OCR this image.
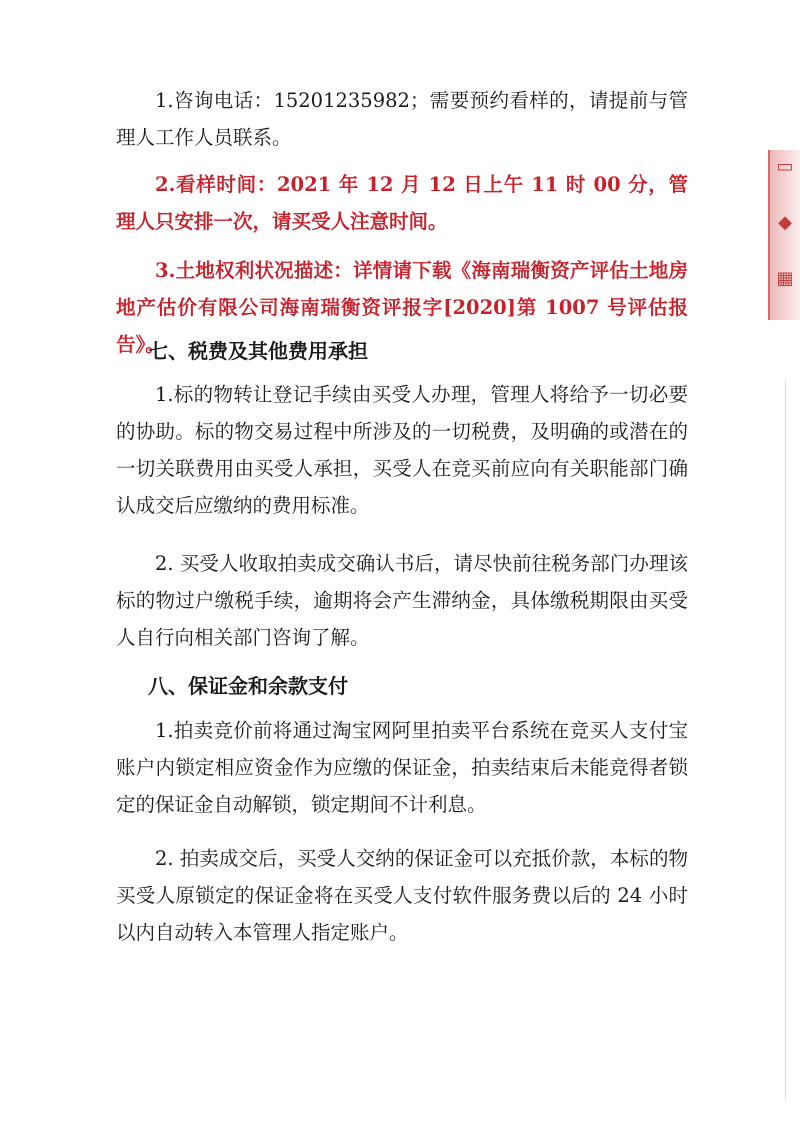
1.咨询电话：15201235982；需要预约看样的，请提前与管理人工作人员联系。

2.看样时间：2021 年 12 月 12 日上午 11 时 00 分，管理人只安排一次，请买受人注意时间。

3.土地权利状况描述：详情请下载《海南瑞衡资产评估土地房地产估价有限公司海南瑞衡资评报字[2020]第 1007 号评估报告》。

七、税费及其他费用承担

1.标的物转让登记手续由买受人办理，管理人将给予一切必要的协助。标的物交易过程中所涉及的一切税费，及明确的或潜在的一切关联费用由买受人承担，买受人在竞买前应向有关职能部门确认成交后应缴纳的费用标准。

2. 买受人收取拍卖成交确认书后，请尽快前往税务部门办理该标的物过户缴税手续，逾期将会产生滞纳金，具体缴税期限由买受人自行向相关部门咨询了解。

八、保证金和余款支付

1.拍卖竞价前将通过淘宝网阿里拍卖平台系统在竞买人支付宝账户内锁定相应资金作为应缴的保证金，拍卖结束后未能竞得者锁定的保证金自动解锁，锁定期间不计利息。

2. 拍卖成交后，买受人交纳的保证金可以充抵价款，本标的物买受人原锁定的保证金将在买受人支付软件服务费以后的 24 小时以内自动转入本管理人指定账户。

▭
◆
▦
